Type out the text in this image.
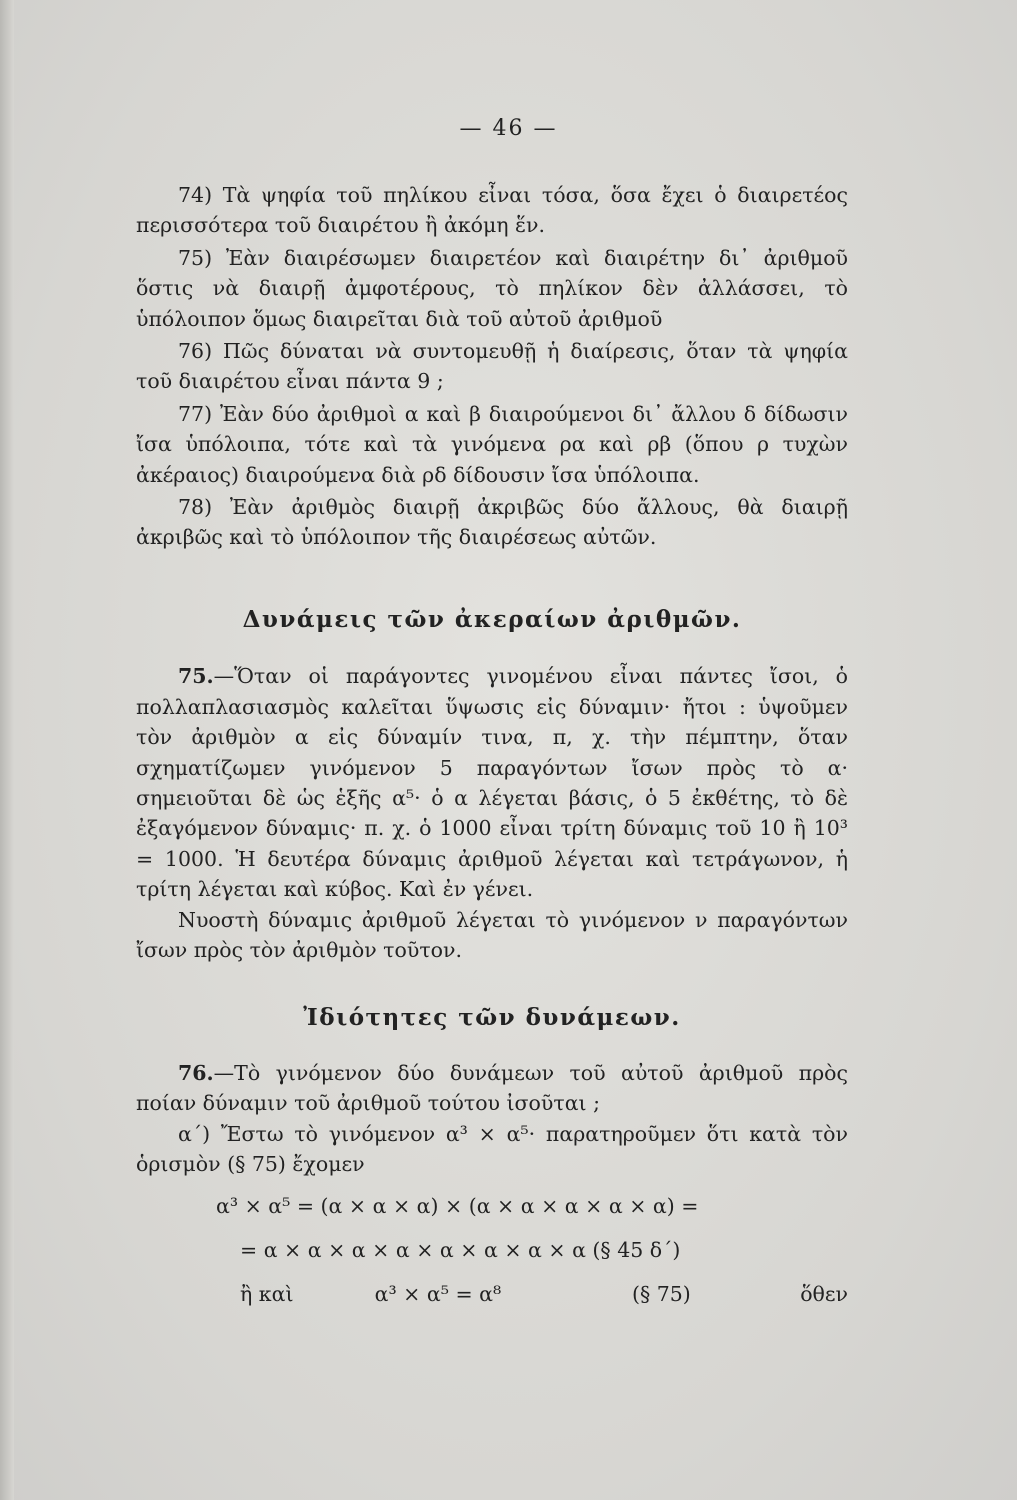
— 46 —

74) Τὰ ψηφία τοῦ πηλίκου εἶναι τόσα, ὅσα ἔχει ὁ διαιρετέος περισσότερα τοῦ διαιρέτου ἢ ἀκόμη ἕν.

75) Ἐὰν διαιρέσωμεν διαιρετέον καὶ διαιρέτην δι᾽ ἀριθμοῦ ὅστις νὰ διαιρῇ ἀμφοτέρους, τὸ πηλίκον δὲν ἀλλάσσει, τὸ ὑπόλοιπον ὅμως διαιρεῖται διὰ τοῦ αὐτοῦ ἀριθμοῦ

76) Πῶς δύναται νὰ συντομευθῇ ἡ διαίρεσις, ὅταν τὰ ψηφία τοῦ διαιρέτου εἶναι πάντα 9 ;

77) Ἐὰν δύο ἀριθμοὶ α καὶ β διαιρούμενοι δι᾽ ἄλλου δ δίδωσιν ἴσα ὑπόλοιπα, τότε καὶ τὰ γινόμενα ρα καὶ ρβ (ὅπου ρ τυχὼν ἀκέραιος) διαιρούμενα διὰ ρδ δίδουσιν ἴσα ὑπόλοιπα.

78) Ἐὰν ἀριθμὸς διαιρῇ ἀκριβῶς δύο ἄλλους, θὰ διαιρῇ ἀκριβῶς καὶ τὸ ὑπόλοιπον τῆς διαιρέσεως αὐτῶν.

Δυνάμεις τῶν ἀκεραίων ἀριθμῶν.

75.—Ὅταν οἱ παράγοντες γινομένου εἶναι πάντες ἴσοι, ὁ πολλαπλασιασμὸς καλεῖται ὕψωσις εἰς δύναμιν· ἤτοι : ὑψοῦμεν τὸν ἀριθμὸν α εἰς δύναμίν τινα, π, χ. τὴν πέμπτην, ὅταν σχηματίζωμεν γινόμενον 5 παραγόντων ἴσων πρὸς τὸ α· σημειοῦται δὲ ὡς ἑξῆς α⁵· ὁ α λέγεται βάσις, ὁ 5 ἐκθέτης, τὸ δὲ ἐξαγόμενον δύναμις· π. χ. ὁ 1000 εἶναι τρίτη δύναμις τοῦ 10 ἢ 10³ = 1000. Ἡ δευτέρα δύναμις ἀριθμοῦ λέγεται καὶ τετράγωνον, ἡ τρίτη λέγεται καὶ κύβος. Καὶ ἐν γένει.

Νυοστὴ δύναμις ἀριθμοῦ λέγεται τὸ γινόμενον ν παραγόντων ἴσων πρὸς τὸν ἀριθμὸν τοῦτον.

Ἰδιότητες τῶν δυνάμεων.

76.—Τὸ γινόμενον δύο δυνάμεων τοῦ αὐτοῦ ἀριθμοῦ πρὸς ποίαν δύναμιν τοῦ ἀριθμοῦ τούτου ἰσοῦται ;

α΄) Ἔστω τὸ γινόμενον α³ × α⁵· παρατηροῦμεν ὅτι κατὰ τὸν ὁρισμὸν (§ 75) ἔχομεν

α³ × α⁵ = (α × α × α) × (α × α × α × α × α) =
= α × α × α × α × α × α × α × α (§ 45 δ΄)
ἢ καὶ	α³ × α⁵ = α⁸	(§ 75)	ὅθεν
